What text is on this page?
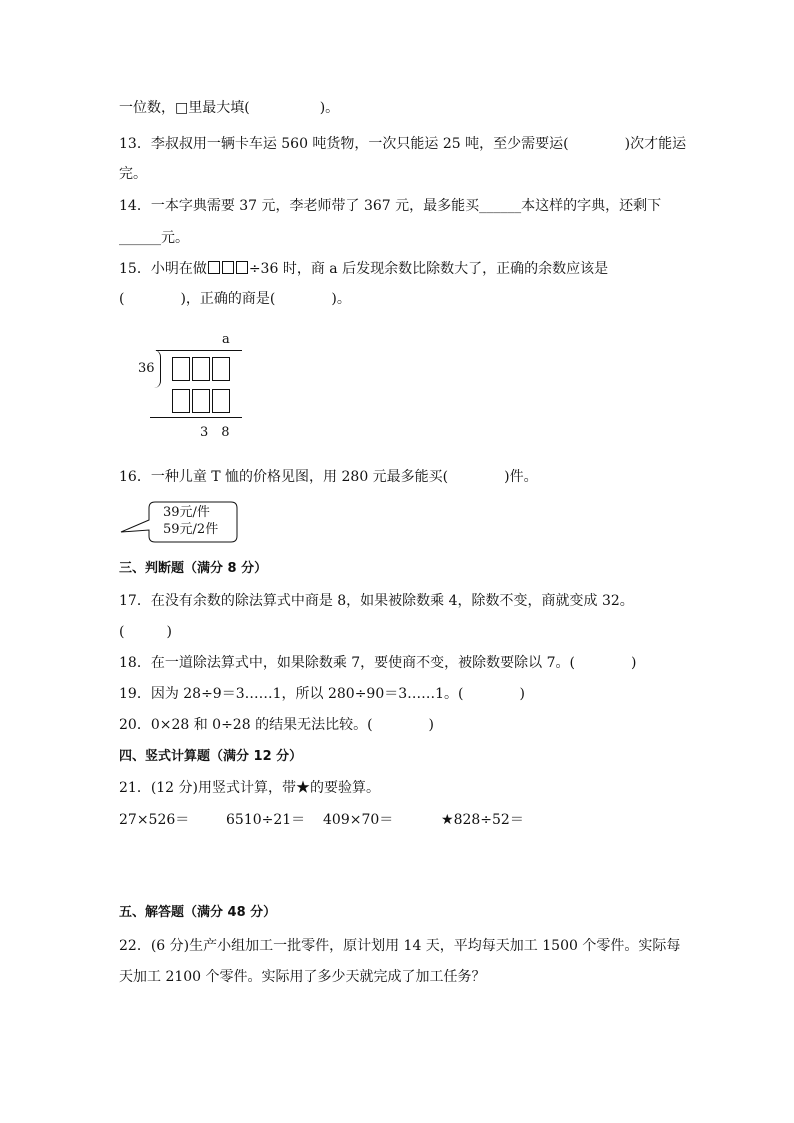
一位数，□里最大填(　　　　　)。
13．李叔叔用一辆卡车运 560 吨货物，一次只能运 25 吨，至少需要运(　　　　)次才能运
完。
14．一本字典需要 37 元，李老师带了 367 元，最多能买______本这样的字典，还剩下
______元。
15．小明在做	÷36 时，商 a 后发现余数比除数大了，正确的余数应该是
(　　　　)，正确的商是(　　　　)。
a
36
3　8
16．一种儿童 T 恤的价格见图，用 280 元最多能买(　　　　)件。
39元/件
59元/2件
三、判断题（满分 8 分）
17．在没有余数的除法算式中商是 8，如果被除数乘 4，除数不变，商就变成 32。
(　　　)
18．在一道除法算式中，如果除数乘 7，要使商不变，被除数要除以 7。(　　　　)
19．因为 28÷9＝3……1，所以 280÷90＝3……1。(　　　　)
20．0×28 和 0÷28 的结果无法比较。(　　　　)
四、竖式计算题（满分 12 分）
21．(12 分)用竖式计算，带★的要验算。
27×526＝	6510÷21＝ 409×70＝	★828÷52＝
五、解答题（满分 48 分）
22．(6 分)生产小组加工一批零件，原计划用 14 天，平均每天加工 1500 个零件。实际每
天加工 2100 个零件。实际用了多少天就完成了加工任务？
